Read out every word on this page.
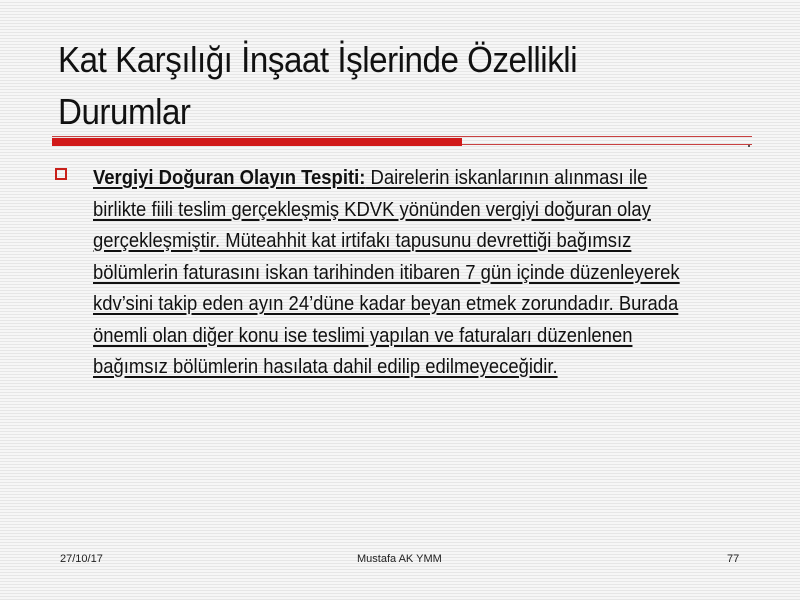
Kat Karşılığı İnşaat İşlerinde Özellikli Durumlar
Vergiyi Doğuran Olayın Tespiti: Dairelerin iskanlarının alınması ile birlikte fiili teslim gerçekleşmiş KDVK yönünden vergiyi doğuran olay gerçekleşmiştir. Müteahhit kat irtifakı tapusunu devrettiği bağımsız bölümlerin faturasını iskan tarihinden itibaren 7 gün içinde düzenleyerek kdv’sini takip eden ayın 24’düne kadar beyan etmek zorundadır. Burada önemli olan diğer konu ise teslimi yapılan ve faturaları düzenlenen bağımsız bölümlerin hasılata dahil edilip edilmeyeceğidir.
27/10/17	Mustafa AK YMM	77
